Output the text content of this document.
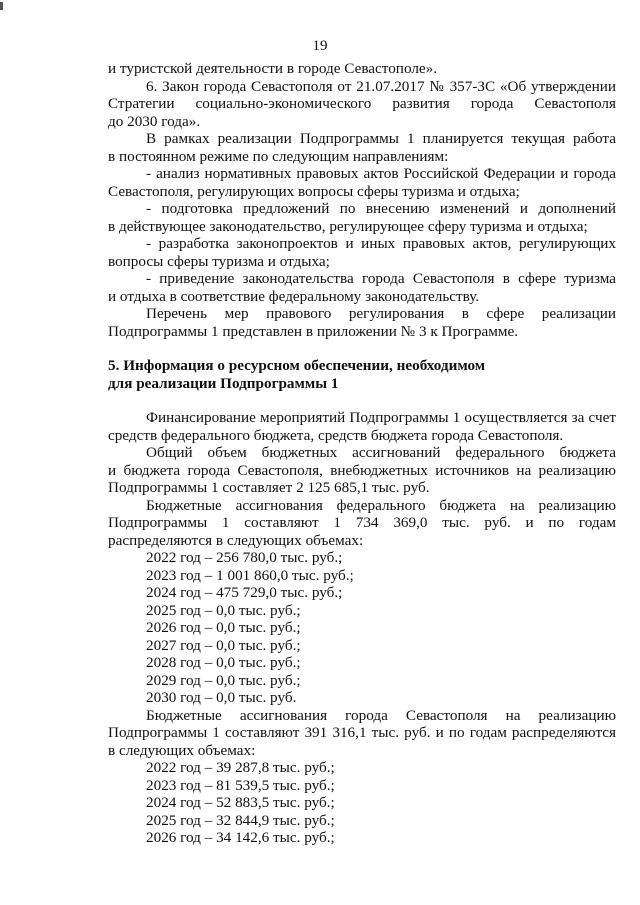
19

и туристской деятельности в городе Севастополе».

6. Закон города Севастополя от 21.07.2017 № 357-ЗС «Об утверждении
Стратегии социально-экономического развития города Севастополя
до 2030 года».

В рамках реализации Подпрограммы 1 планируется текущая работа
в постоянном режиме по следующим направлениям:

- анализ нормативных правовых актов Российской Федерации и города
Севастополя, регулирующих вопросы сферы туризма и отдыха;

- подготовка предложений по внесению изменений и дополнений
в действующее законодательство, регулирующее сферу туризма и отдыха;

- разработка законопроектов и иных правовых актов, регулирующих
вопросы сферы туризма и отдыха;

- приведение законодательства города Севастополя в сфере туризма
и отдыха в соответствие федеральному законодательству.

Перечень мер правового регулирования в сфере реализации
Подпрограммы 1 представлен в приложении № 3 к Программе.

5. Информация о ресурсном обеспечении, необходимом
для реализации Подпрограммы 1

Финансирование мероприятий Подпрограммы 1 осуществляется за счет
средств федерального бюджета, средств бюджета города Севастополя.

Общий объем бюджетных ассигнований федерального бюджета
и бюджета города Севастополя, внебюджетных источников на реализацию
Подпрограммы 1 составляет 2 125 685,1 тыс. руб.

Бюджетные ассигнования федерального бюджета на реализацию
Подпрограммы 1 составляют 1 734 369,0 тыс. руб. и по годам
распределяются в следующих объемах:

2022 год – 256 780,0 тыс. руб.;
2023 год – 1 001 860,0 тыс. руб.;
2024 год – 475 729,0 тыс. руб.;
2025 год – 0,0 тыс. руб.;
2026 год – 0,0 тыс. руб.;
2027 год – 0,0 тыс. руб.;
2028 год – 0,0 тыс. руб.;
2029 год – 0,0 тыс. руб.;
2030 год – 0,0 тыс. руб.

Бюджетные ассигнования города Севастополя на реализацию
Подпрограммы 1 составляют 391 316,1 тыс. руб. и по годам распределяются
в следующих объемах:

2022 год – 39 287,8 тыс. руб.;
2023 год – 81 539,5 тыс. руб.;
2024 год – 52 883,5 тыс. руб.;
2025 год – 32 844,9 тыс. руб.;
2026 год – 34 142,6 тыс. руб.;
